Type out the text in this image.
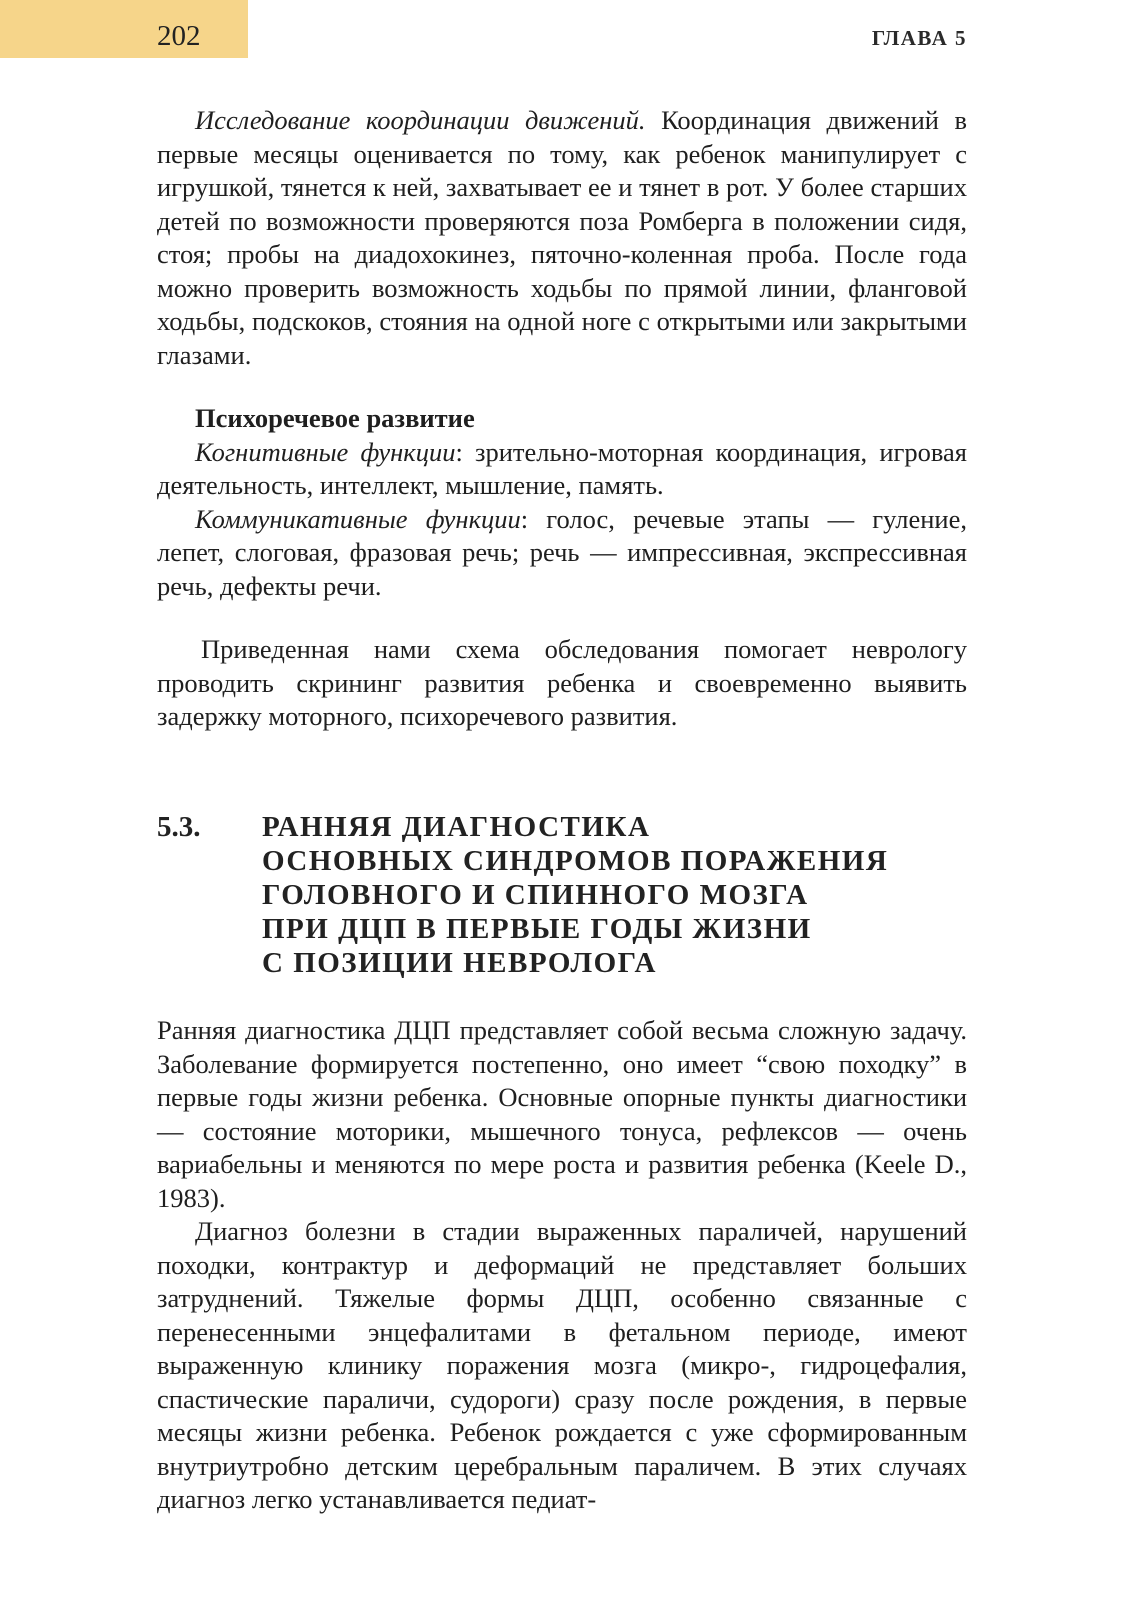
202	ГЛАВА 5

Исследование координации движений. Координация движений в первые месяцы оценивается по тому, как ребенок манипулирует с игрушкой, тянется к ней, захватывает ее и тянет в рот. У более старших детей по возможности проверяются поза Ромберга в положении сидя, стоя; пробы на диадохокинез, пяточно-коленная проба. После года можно проверить возможность ходьбы по прямой линии, фланговой ходьбы, подскоков, стояния на одной ноге с открытыми или закрытыми глазами.

Психоречевое развитие

Когнитивные функции: зрительно-моторная координация, игровая деятельность, интеллект, мышление, память.

Коммуникативные функции: голос, речевые этапы — гуление, лепет, слоговая, фразовая речь; речь — импрессивная, экспрессивная речь, дефекты речи.

Приведенная нами схема обследования помогает неврологу проводить скрининг развития ребенка и своевременно выявить задержку моторного, психоречевого развития.

5.3. РАННЯЯ ДИАГНОСТИКА
ОСНОВНЫХ СИНДРОМОВ ПОРАЖЕНИЯ
ГОЛОВНОГО И СПИННОГО МОЗГА
ПРИ ДЦП В ПЕРВЫЕ ГОДЫ ЖИЗНИ
С ПОЗИЦИИ НЕВРОЛОГА

Ранняя диагностика ДЦП представляет собой весьма сложную задачу. Заболевание формируется постепенно, оно имеет “свою походку” в первые годы жизни ребенка. Основные опорные пункты диагностики — состояние моторики, мышечного тонуса, рефлексов — очень вариабельны и меняются по мере роста и развития ребенка (Keele D., 1983).

Диагноз болезни в стадии выраженных параличей, нарушений походки, контрактур и деформаций не представляет больших затруднений. Тяжелые формы ДЦП, особенно связанные с перенесенными энцефалитами в фетальном периоде, имеют выраженную клинику поражения мозга (микро-, гидроцефалия, спастические параличи, судороги) сразу после рождения, в первые месяцы жизни ребенка. Ребенок рождается с уже сформированным внутриутробно детским церебральным параличем. В этих случаях диагноз легко устанавливается педиат-
